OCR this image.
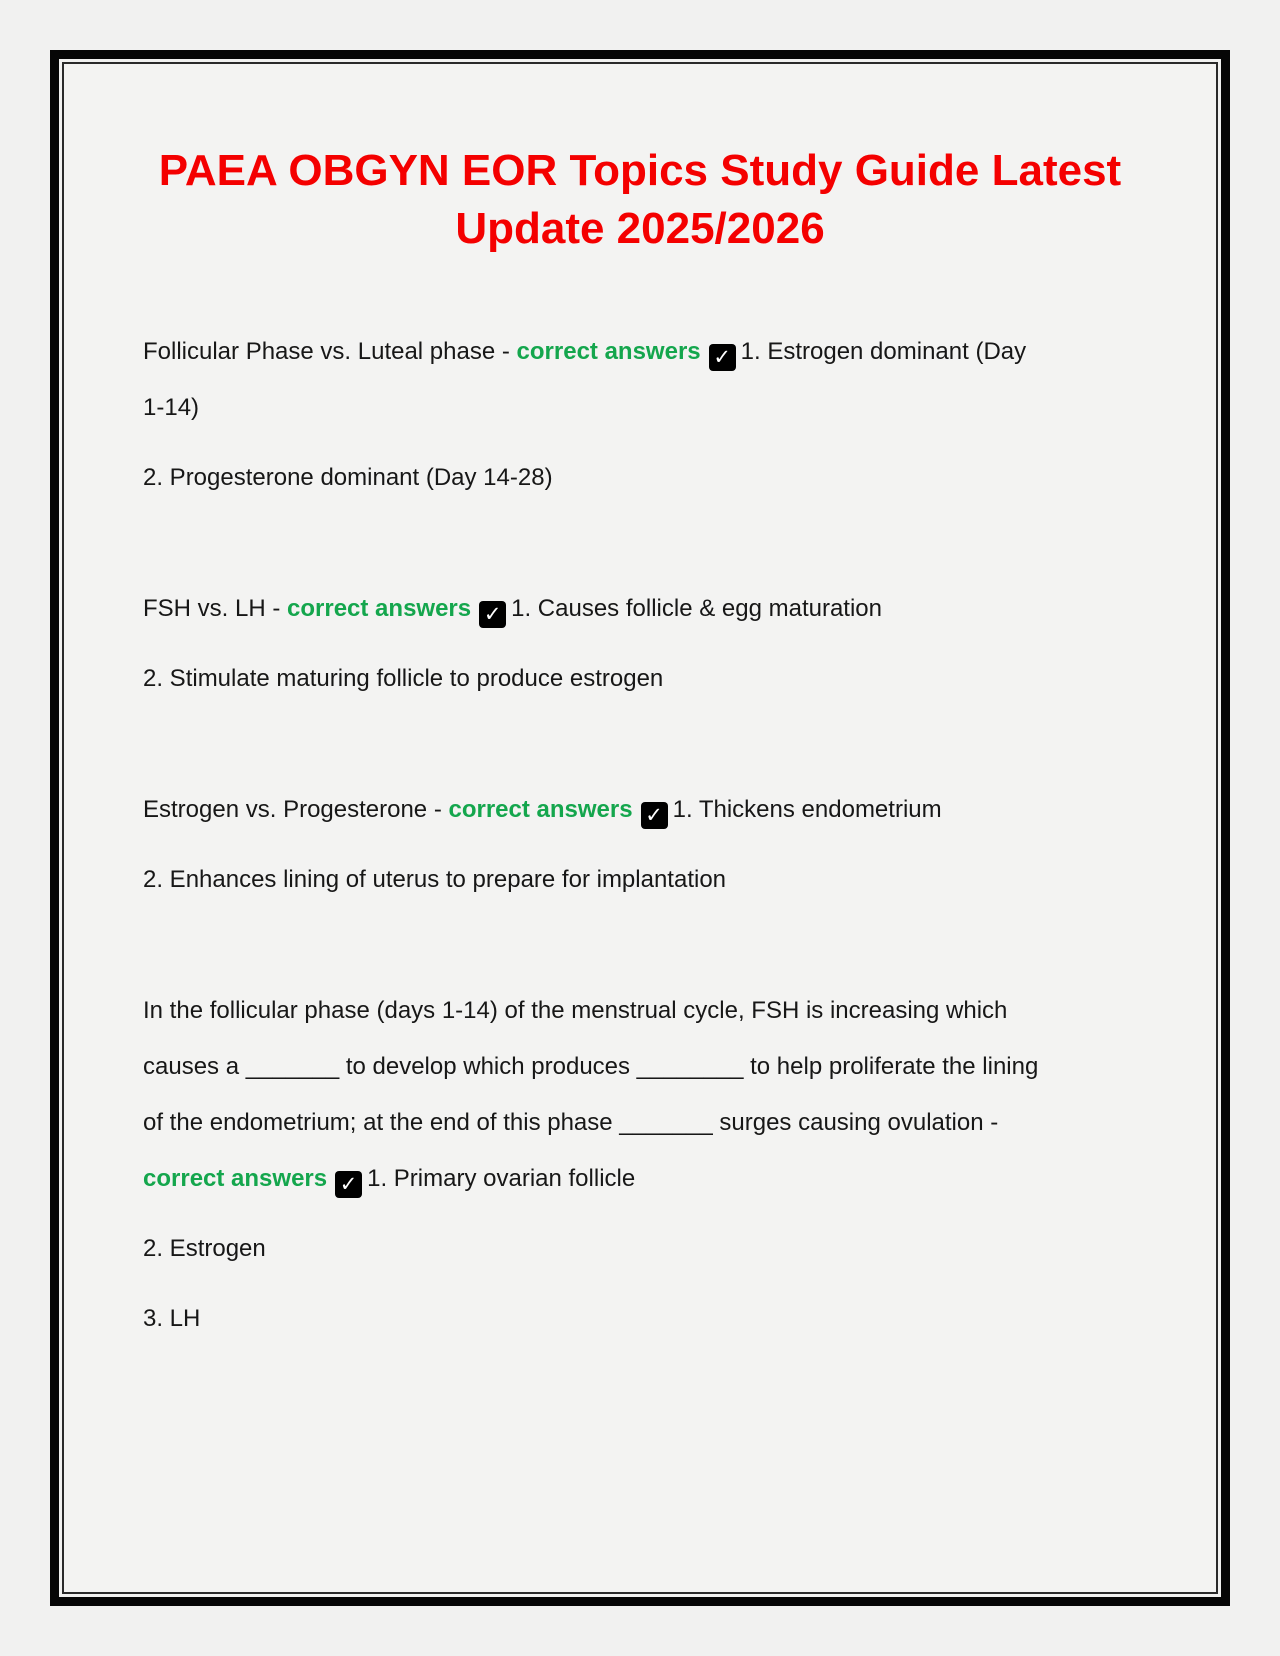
PAEA OBGYN EOR Topics Study Guide Latest
Update 2025/2026

Follicular Phase vs. Luteal phase - correct answers ✓ 1. Estrogen dominant (Day 1-14)

2. Progesterone dominant (Day 14-28)

FSH vs. LH - correct answers ✓ 1. Causes follicle & egg maturation

2. Stimulate maturing follicle to produce estrogen

Estrogen vs. Progesterone - correct answers ✓ 1. Thickens endometrium

2. Enhances lining of uterus to prepare for implantation

In the follicular phase (days 1-14) of the menstrual cycle, FSH is increasing which causes a _______ to develop which produces ________ to help proliferate the lining of the endometrium; at the end of this phase _______ surges causing ovulation - correct answers ✓ 1. Primary ovarian follicle

2. Estrogen

3. LH
